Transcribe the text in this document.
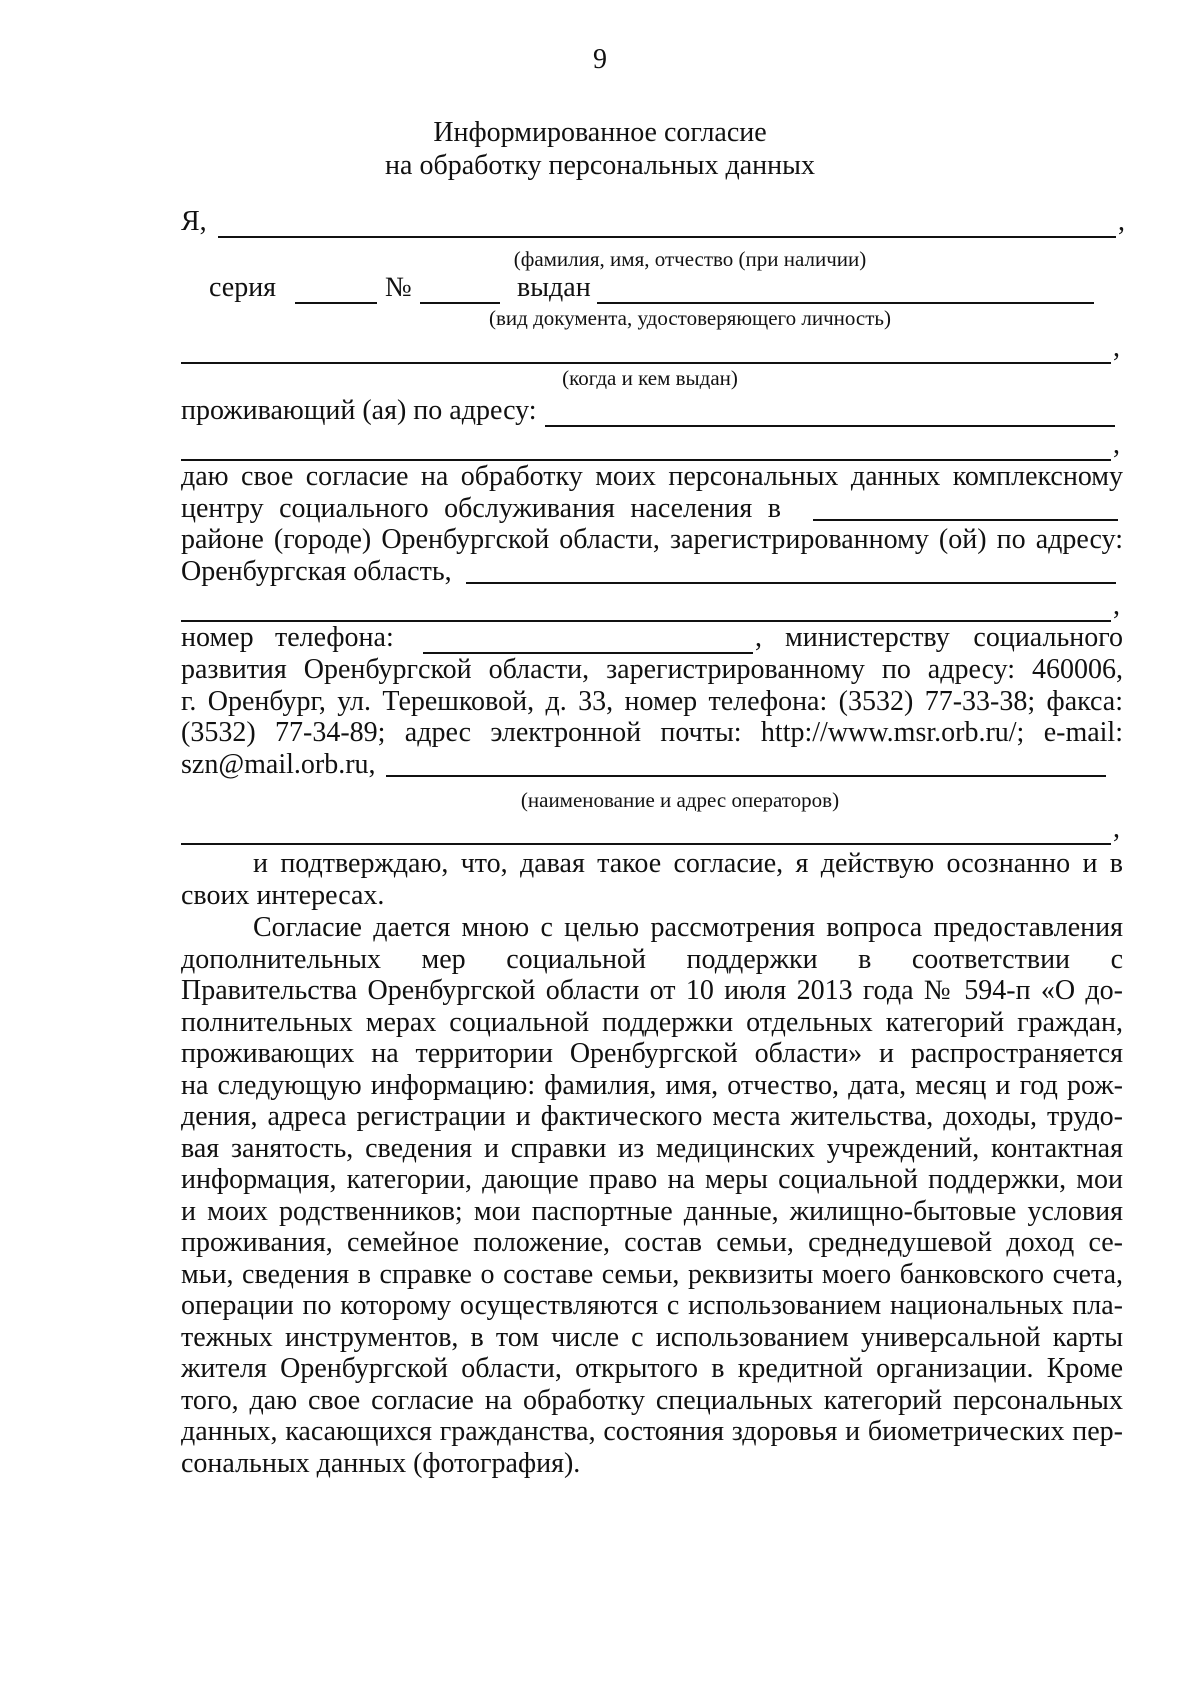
9
Информированное согласие
на обработку персональных данных
Я,	,
(фамилия, имя, отчество (при наличии)
серия	№	выдан
(вид документа, удостоверяющего личность)
,
(когда и кем выдан)
проживающий (ая) по адресу:
,
даю свое согласие на обработку моих персональных данных комплексному
центру социального обслуживания населения в
районе (городе) Оренбургской области, зарегистрированному (ой) по адресу:
Оренбургская область,
,
номер телефона:	, министерству социального
развития Оренбургской области, зарегистрированному по адресу: 460006,
г. Оренбург, ул. Терешковой, д. 33, номер телефона: (3532) 77-33-38; факса:
(3532) 77-34-89; адрес электронной почты: http://www.msr.orb.ru/; e-mail:
szn@mail.orb.ru,
(наименование и адрес операторов)
,
и подтверждаю, что, давая такое согласие, я действую осознанно и в
своих интересах.
Согласие дается мною с целью рассмотрения вопроса предоставления
дополнительных мер социальной поддержки в соответствии с
Правительства Оренбургской области от 10 июля 2013 года № 594-п «О до-
полнительных мерах социальной поддержки отдельных категорий граждан,
проживающих на территории Оренбургской области» и распространяется
на следующую информацию: фамилия, имя, отчество, дата, месяц и год рож-
дения, адреса регистрации и фактического места жительства, доходы, трудо-
вая занятость, сведения и справки из медицинских учреждений, контактная
информация, категории, дающие право на меры социальной поддержки, мои
и моих родственников; мои паспортные данные, жилищно-бытовые условия
проживания, семейное положение, состав семьи, среднедушевой доход се-
мьи, сведения в справке о составе семьи, реквизиты моего банковского счета,
операции по которому осуществляются с использованием национальных пла-
тежных инструментов, в том числе с использованием универсальной карты
жителя Оренбургской области, открытого в кредитной организации. Кроме
того, даю свое согласие на обработку специальных категорий персональных
данных, касающихся гражданства, состояния здоровья и биометрических пер-
сональных данных (фотография).
